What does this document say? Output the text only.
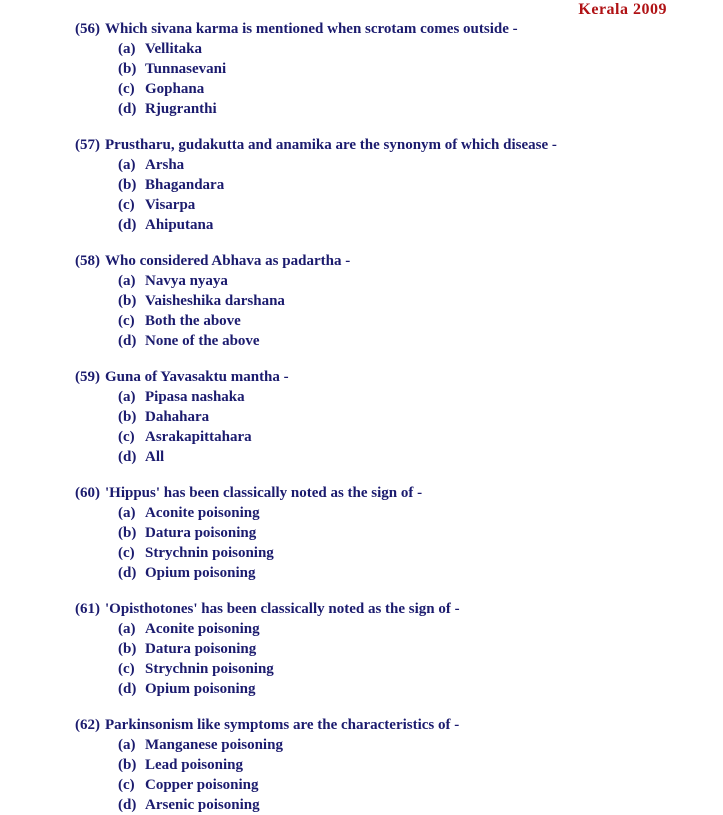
Kerala 2009
(56) Which sivana karma is mentioned when scrotam comes outside -
(a) Vellitaka
(b) Tunnasevani
(c) Gophana
(d) Rjugranthi
(57) Prustharu, gudakutta and anamika are the synonym of which disease -
(a) Arsha
(b) Bhagandara
(c) Visarpa
(d) Ahiputana
(58) Who considered Abhava as padartha -
(a) Navya nyaya
(b) Vaisheshika darshana
(c) Both the above
(d) None of the above
(59) Guna of Yavasaktu mantha -
(a) Pipasa nashaka
(b) Dahahara
(c) Asrakapittahara
(d) All
(60) 'Hippus' has been classically noted as the sign of -
(a) Aconite poisoning
(b) Datura poisoning
(c) Strychnin poisoning
(d) Opium poisoning
(61) 'Opisthotones' has been classically noted as the sign of -
(a) Aconite poisoning
(b) Datura poisoning
(c) Strychnin poisoning
(d) Opium poisoning
(62) Parkinsonism like symptoms are the characteristics of -
(a) Manganese poisoning
(b) Lead poisoning
(c) Copper poisoning
(d) Arsenic poisoning
